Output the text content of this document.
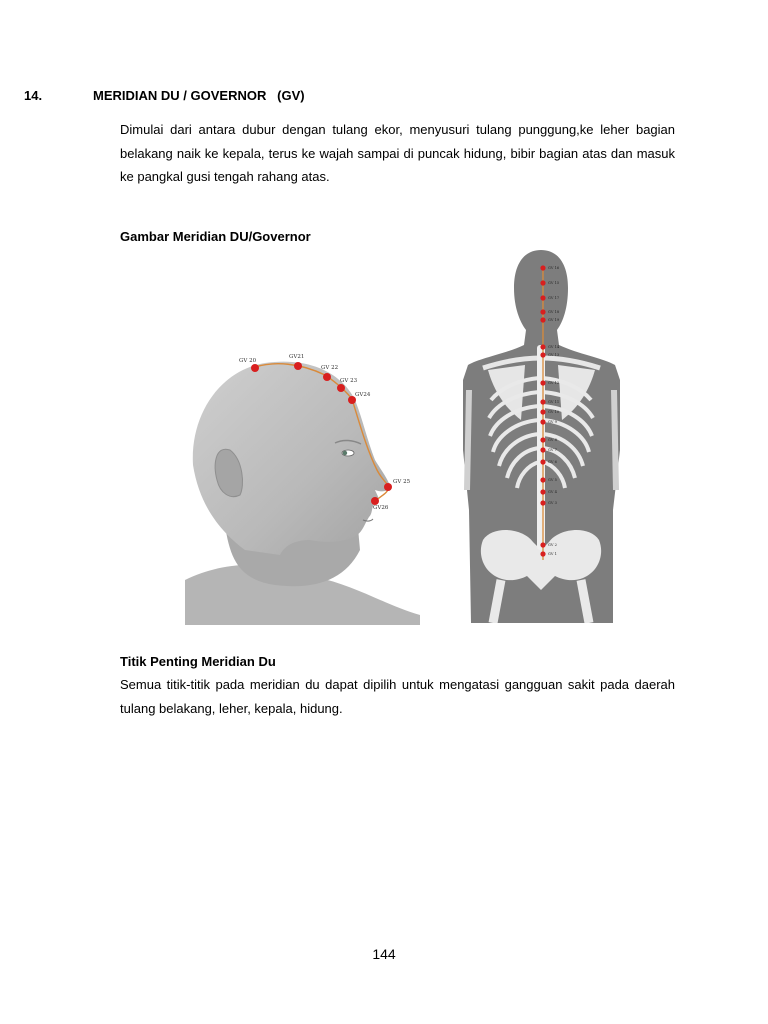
14.	MERIDIAN DU / GOVERNOR   (GV)

Dimulai dari antara dubur dengan tulang ekor, menyusuri tulang punggung,ke leher bagian belakang naik ke kepala, terus ke wajah sampai di puncak hidung, bibir bagian atas dan masuk ke pangkal gusi tengah rahang atas.

Gambar Meridian DU/Governor
GV 20
GV21
GV 22
GV 23
GV24
GV 25
GV26
GV 16
GV 15
GV 17
GV 18
GV 19
GV 14
GV 13
GV 12
GV 11
GV 10
GV 9
GV 8
GV 7
GV 6
GV 5
GV 4
GV 3
GV 2
GV 1
Titik Penting Meridian Du

Semua titik-titik pada meridian du dapat dipilih untuk mengatasi gangguan sakit pada daerah tulang belakang, leher, kepala, hidung.

144
